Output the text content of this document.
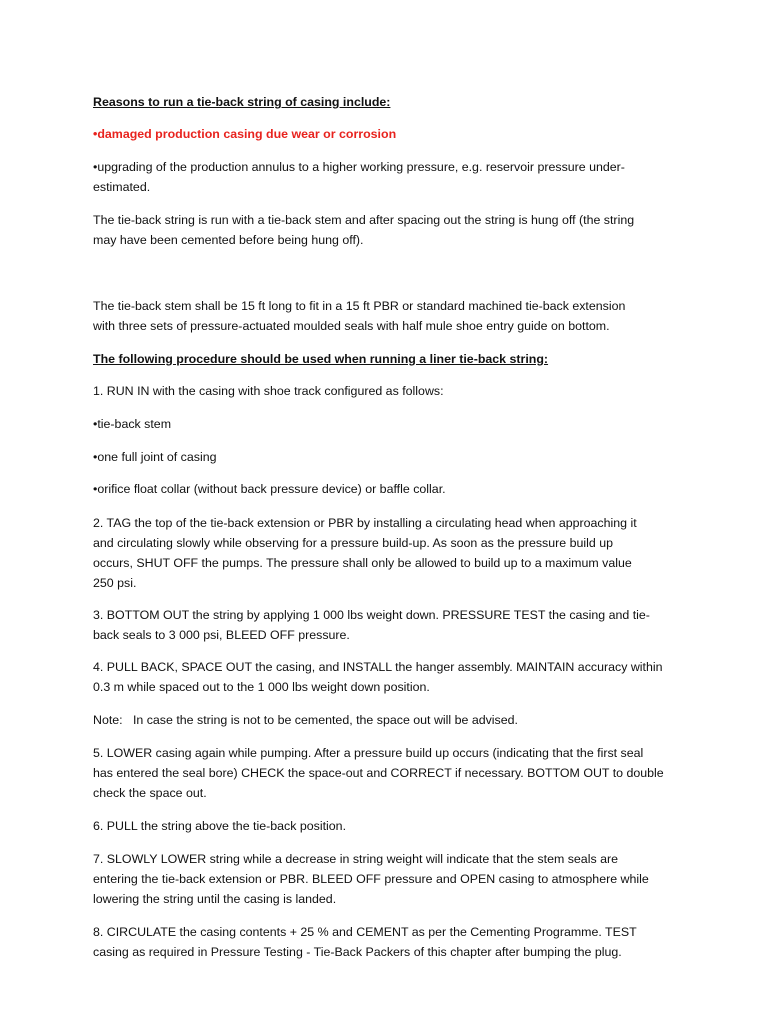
Reasons to run a tie-back string of casing include:
•damaged production casing due wear or corrosion
•upgrading of the production annulus to a higher working pressure, e.g. reservoir pressure under-
estimated.
The tie-back string is run with a tie-back stem and after spacing out the string is hung off (the string
may have been cemented before being hung off).
The tie-back stem shall be 15 ft long to fit in a 15 ft PBR or standard machined tie-back extension
with three sets of pressure-actuated moulded seals with half mule shoe entry guide on bottom.
The following procedure should be used when running a liner tie-back string:
1. RUN IN with the casing with shoe track configured as follows:
•tie-back stem
•one full joint of casing
•orifice float collar (without back pressure device) or baffle collar.
2. TAG the top of the tie-back extension or PBR by installing a circulating head when approaching it
and circulating slowly while observing for a pressure build-up. As soon as the pressure build up
occurs, SHUT OFF the pumps. The pressure shall only be allowed to build up to a maximum value
250 psi.
3. BOTTOM OUT the string by applying 1 000 lbs weight down. PRESSURE TEST the casing and tie-
back seals to 3 000 psi, BLEED OFF pressure.
4. PULL BACK, SPACE OUT the casing, and INSTALL the hanger assembly. MAINTAIN accuracy within
0.3 m while spaced out to the 1 000 lbs weight down position.
Note:   In case the string is not to be cemented, the space out will be advised.
5. LOWER casing again while pumping. After a pressure build up occurs (indicating that the first seal
has entered the seal bore) CHECK the space-out and CORRECT if necessary. BOTTOM OUT to double
check the space out.
6. PULL the string above the tie-back position.
7. SLOWLY LOWER string while a decrease in string weight will indicate that the stem seals are
entering the tie-back extension or PBR. BLEED OFF pressure and OPEN casing to atmosphere while
lowering the string until the casing is landed.
8. CIRCULATE the casing contents + 25 % and CEMENT as per the Cementing Programme. TEST
casing as required in Pressure Testing - Tie-Back Packers of this chapter after bumping the plug.
